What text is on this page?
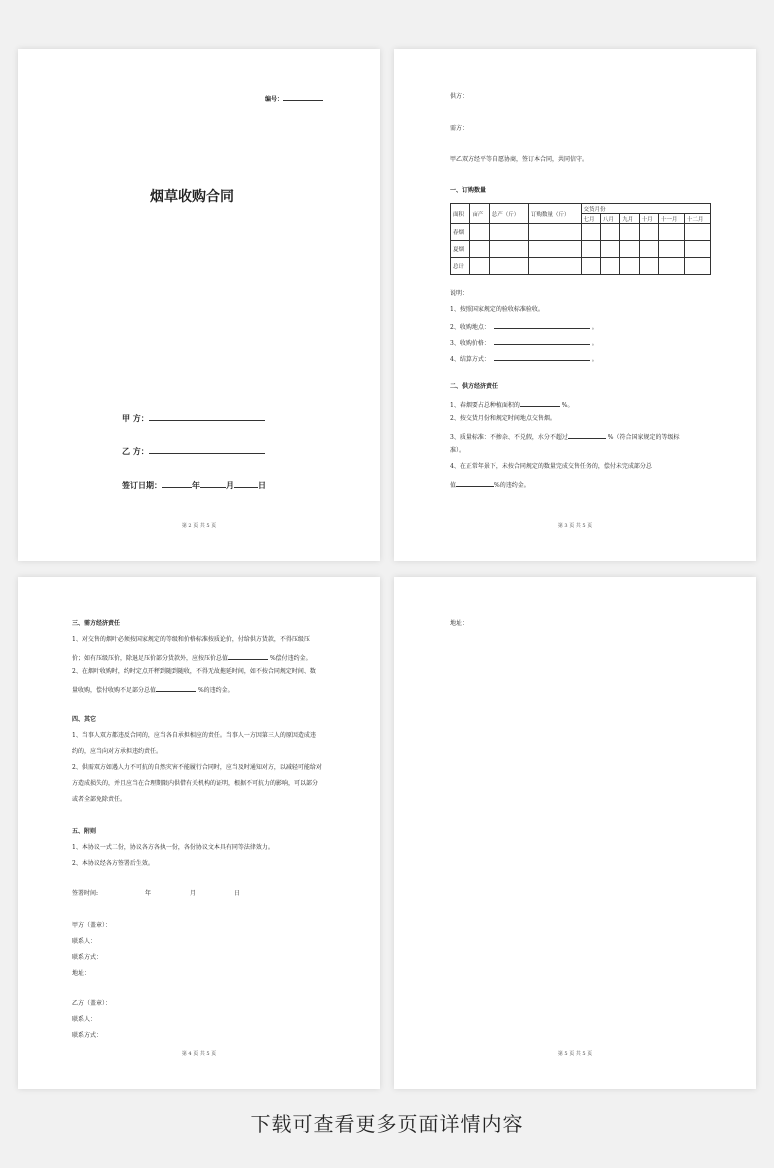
编号：
烟草收购合同
甲 方：
乙 方：
签订日期：	年	月	日
第 2 页 共 5 页
供方：
需方：
甲乙双方经平等自愿协商，签订本合同，共同信守。
一、订购数量
面积	亩产	总产（斤）	订购数量（斤）	交货月份					
				七月	八月	九月	十月	十一月	十二月
春烟									
夏烟									
总计									
说明：
1、按照国家规定的验收标准验收。
2、收购地点：	。
3、收购价格：	。
4、结算方式：	。
二、供方经济责任
1、春烟要占总种植面积的	%。
2、按交货月份和规定时间地点交售烟。
3、质量标准：不掺杂、不兑假，水分不超过	%（符合国家规定的等级标
准）。
4、在正常年景下，未按合同规定的数量完成交售任务的，偿付未完成部分总
值	%的违约金。
第 3 页 共 5 页
三、需方经济责任
1、对交售的烟叶必须按国家规定的等级和价格标准按质论价，付给供方货款，不得压级压
价；如有压级压价，除退足压价部分货款外，应按压价总值	%偿付违约金。
2、在烟叶收购时，约时定点开秤到随到随收，不得无故拖延时间，如不按合同规定时间、数
量收购，偿付收购不足部分总值	%的违约金。
四、其它
1、当事人双方都违反合同的，应当各自承担相应的责任。当事人一方因第三人的原因造成违
约的，应当向对方承担违约责任。
2、供需双方如遇人力不可抗的自然灾害不能履行合同时，应当及时通知对方，以减轻可能给对
方造成损失的，并且应当在合理期限内供借有关机构的证明，根据不可抗力的影响，可以部分
或者全部免除责任。
五、附则
1、本协议一式二份，协议各方各执一份，各份协议文本具有同等法律效力。
2、本协议经各方签署后生效。
签署时间:	年	月	日
甲方（盖章）：
联系人：
联系方式：
地址：
乙方（盖章）：
联系人：
联系方式：
第 4 页 共 5 页
地址：
第 5 页 共 5 页
下载可查看更多页面详情内容
